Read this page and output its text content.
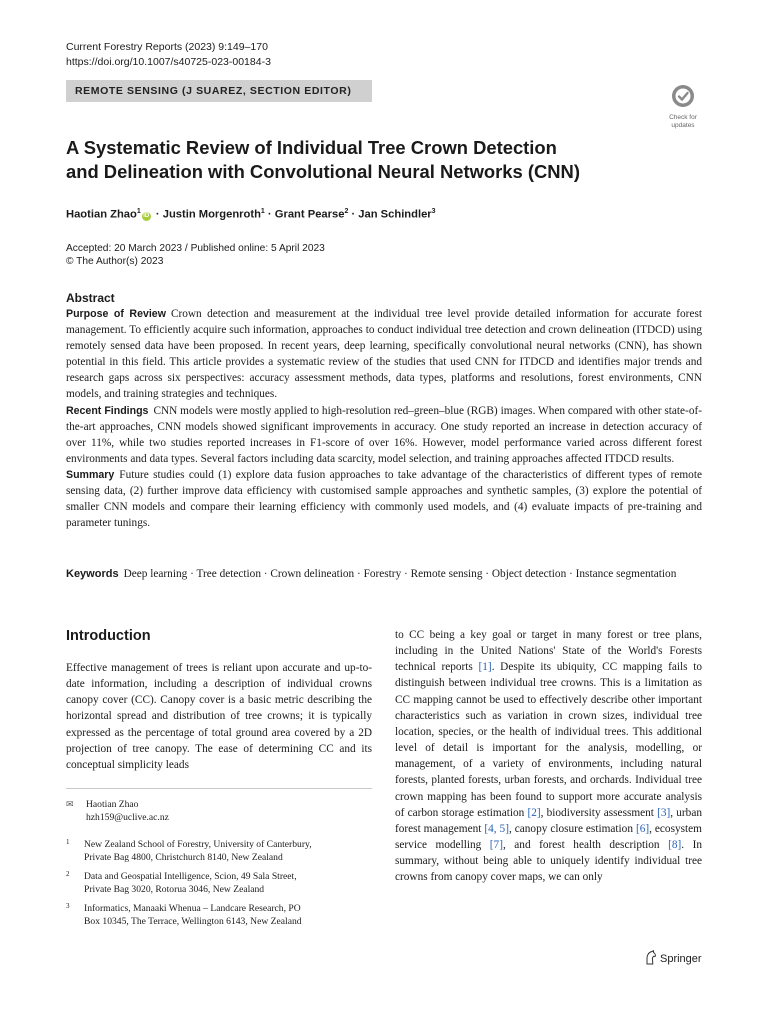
Current Forestry Reports (2023) 9:149–170
https://doi.org/10.1007/s40725-023-00184-3
REMOTE SENSING (J SUAREZ, SECTION EDITOR)
Check for
updates
A Systematic Review of Individual Tree Crown Detection
and Delineation with Convolutional Neural Networks (CNN)
Haotian Zhao$^1$iD · Justin Morgenroth$^1$ · Grant Pearse$^2$ · Jan Schindler$^3$
Accepted: 20 March 2023 / Published online: 5 April 2023
© The Author(s) 2023
Abstract

Purpose of Review Crown detection and measurement at the individual tree level provide detailed information for accurate forest management. To efficiently acquire such information, approaches to conduct individual tree detection and crown delineation (ITDCD) using remotely sensed data have been proposed. In recent years, deep learning, specifically convolutional neural networks (CNN), has shown potential in this field. This article provides a systematic review of the studies that used CNN for ITDCD and identifies major trends and research gaps across six perspectives: accuracy assessment methods, data types, platforms and resolutions, forest environments, CNN models, and training strategies and techniques.

Recent Findings CNN models were mostly applied to high-resolution red–green–blue (RGB) images. When compared with other state-of-the-art approaches, CNN models showed significant improvements in accuracy. One study reported an increase in detection accuracy of over 11%, while two studies reported increases in F1-score of over 16%. However, model performance varied across different forest environments and data types. Several factors including data scarcity, model selection, and training approaches affected ITDCD results.

Summary Future studies could (1) explore data fusion approaches to take advantage of the characteristics of different types of remote sensing data, (2) further improve data efficiency with customised sample approaches and synthetic samples, (3) explore the potential of smaller CNN models and compare their learning efficiency with commonly used models, and (4) evaluate impacts of pre-training and parameter tunings.

Keywords Deep learning · Tree detection · Crown delineation · Forestry · Remote sensing · Object detection · Instance segmentation
Introduction

Effective management of trees is reliant upon accurate and up-to-date information, including a description of individual crowns canopy cover (CC). Canopy cover is a basic metric describing the horizontal spread and distribution of tree crowns; it is typically expressed as the percentage of total ground area covered by a 2D projection of tree canopy. The ease of determining CC and its conceptual simplicity leads

to CC being a key goal or target in many forest or tree plans, including in the United Nations' State of the World's Forests technical reports [1]. Despite its ubiquity, CC mapping fails to distinguish between individual tree crowns. This is a limitation as CC mapping cannot be used to effectively describe other important characteristics such as variation in crown sizes, individual tree location, species, or the health of individual trees. This additional level of detail is important for the analysis, modelling, or management, of a variety of environments, including natural forests, planted forests, urban forests, and orchards. Individual tree crown mapping has been found to support more accurate analysis of carbon storage estimation [2], biodiversity assessment [3], urban forest management [4, 5], canopy closure estimation [6], ecosystem service modelling [7], and forest health description [8]. In summary, without being able to uniquely identify individual tree crowns from canopy cover maps, we can only

✉ Haotian Zhao
hzh159@uclive.ac.nz
1 New Zealand School of Forestry, University of Canterbury,
Private Bag 4800, Christchurch 8140, New Zealand
2 Data and Geospatial Intelligence, Scion, 49 Sala Street,
Private Bag 3020, Rotorua 3046, New Zealand
3 Informatics, Manaaki Whenua – Landcare Research, PO
Box 10345, The Terrace, Wellington 6143, New Zealand
Springer
